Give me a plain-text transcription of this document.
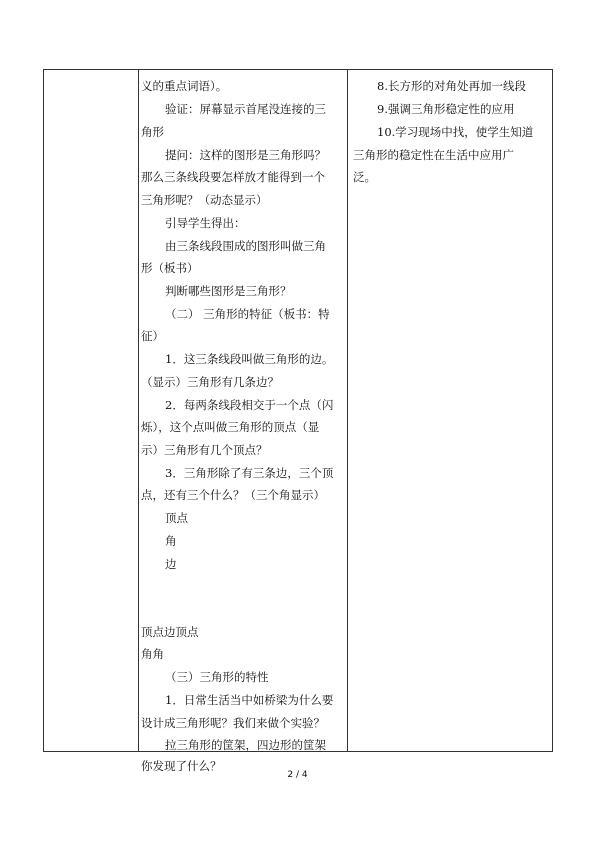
义的重点词语）。
验证：屏幕显示首尾没连接的三
角形
提问：这样的图形是三角形吗？
那么三条线段要怎样放才能得到一个
三角形呢？（动态显示）
引导学生得出：
由三条线段围成的图形叫做三角
形（板书）
判断哪些图形是三角形？
（二） 三角形的特征（板书：特
征）
1．这三条线段叫做三角形的边。
（显示）三角形有几条边？
2．每两条线段相交于一个点（闪
烁），这个点叫做三角形的顶点（显
示）三角形有几个顶点？
3．三角形除了有三条边，三个顶
点，还有三个什么？（三个角显示）
顶点
角
边
顶点边顶点
角角
（三）三角形的特性
1．日常生活当中如桥梁为什么要
设计成三角形呢？我们来做个实验？
拉三角形的筐架，四边形的筐架
你发现了什么？
8.长方形的对角处再加一线段
9.强调三角形稳定性的应用
10.学习现场中找，使学生知道
三角形的稳定性在生活中应用广
泛。
2 / 4
